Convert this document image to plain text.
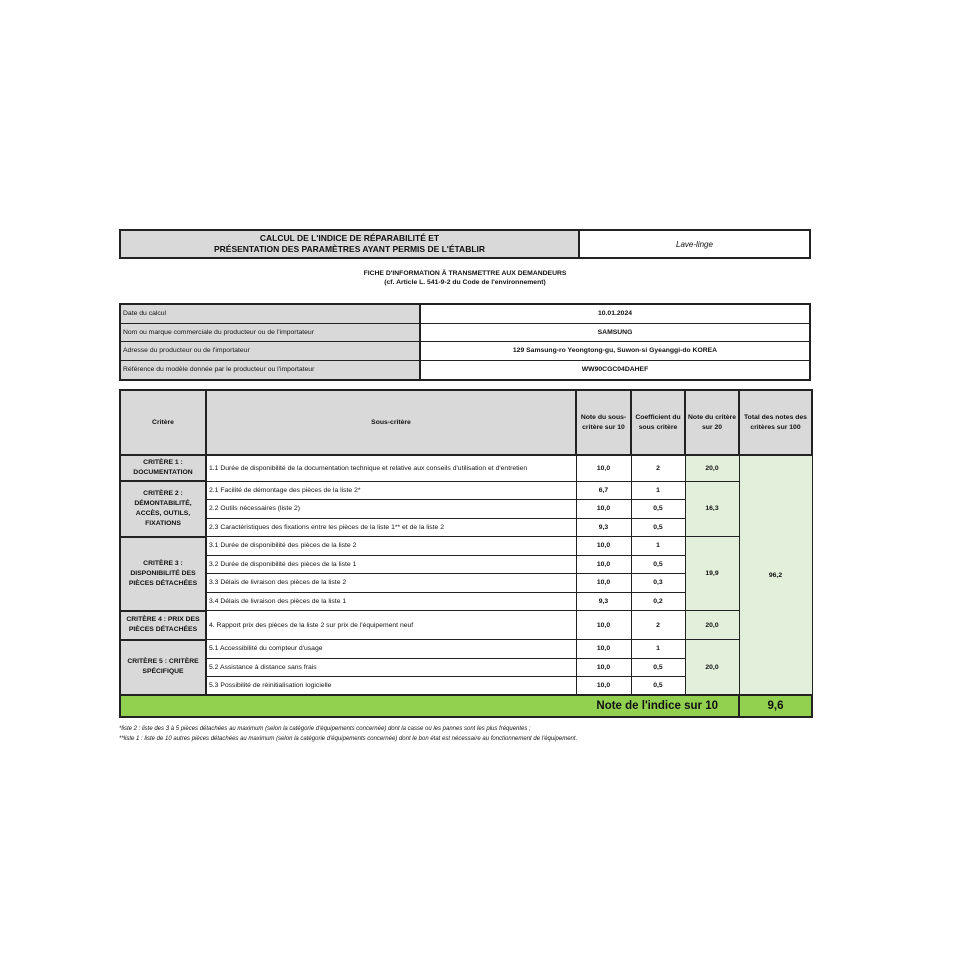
CALCUL DE L'INDICE DE RÉPARABILITÉ ET
PRÉSENTATION DES PARAMÈTRES AYANT PERMIS DE L'ÉTABLIR	Lave-linge
FICHE D'INFORMATION À TRANSMETTRE AUX DEMANDEURS
(cf. Article L. 541-9-2 du Code de l'environnement)
Date du calcul	10.01.2024
Nom ou marque commerciale du producteur ou de l'importateur	SAMSUNG
Adresse du producteur ou de l'importateur	129 Samsung-ro Yeongtong-gu, Suwon-si Gyeanggi-do KOREA
Référence du modèle donnée par le producteur ou l'importateur	WW90CGC04DAHEF
Critère	Sous-critère	Note du sous-critère sur 10	Coefficient du sous critère	Note du critère sur 20	Total des notes des critères sur 100
CRITÈRE 1 : DOCUMENTATION	1.1 Durée de disponibilité de la documentation technique et relative aux conseils d'utilisation et d'entretien	10,0	2	20,0	96,2
CRITÈRE 2 : DÉMONTABILITÉ, ACCÈS, OUTILS, FIXATIONS	2.1 Facilité de démontage des pièces de la liste 2*	6,7	1	16,3	
	2.2 Outils nécessaires (liste 2)	10,0	0,5		
	2.3 Caractéristiques des fixations entre les pièces de la liste 1** et de la liste 2	9,3	0,5		
CRITÈRE 3 : DISPONIBILITÉ DES PIÈCES DÉTACHÉES	3.1 Durée de disponibilité des pièces de la liste 2	10,0	1	19,9	
	3.2 Durée de disponibilité des pièces de la liste 1	10,0	0,5		
	3.3 Délais de livraison des pièces de la liste 2	10,0	0,3		
	3.4 Délais de livraison des pièces de la liste 1	9,3	0,2		
CRITÈRE 4 : PRIX DES PIÈCES DÉTACHÉES	4. Rapport prix des pièces de la liste 2 sur prix de l'équipement neuf	10,0	2	20,0	
CRITÈRE 5 : CRITÈRE SPÉCIFIQUE	5.1 Accessibilité du compteur d'usage	10,0	1	20,0	
	5.2 Assistance à distance sans frais	10,0	0,5		
	5.3 Possibilité de réinitialisation logicielle	10,0	0,5		
Note de l'indice sur 10					9,6
*liste 2 : liste des 3 à 5 pièces détachées au maximum (selon la catégorie d'équipements concernée) dont la casse ou les pannes sont les plus fréquentes ;
**liste 1 : liste de 10 autres pièces détachées au maximum (selon la catégorie d'équipements concernée) dont le bon état est nécessaire au fonctionnement de l'équipement.
